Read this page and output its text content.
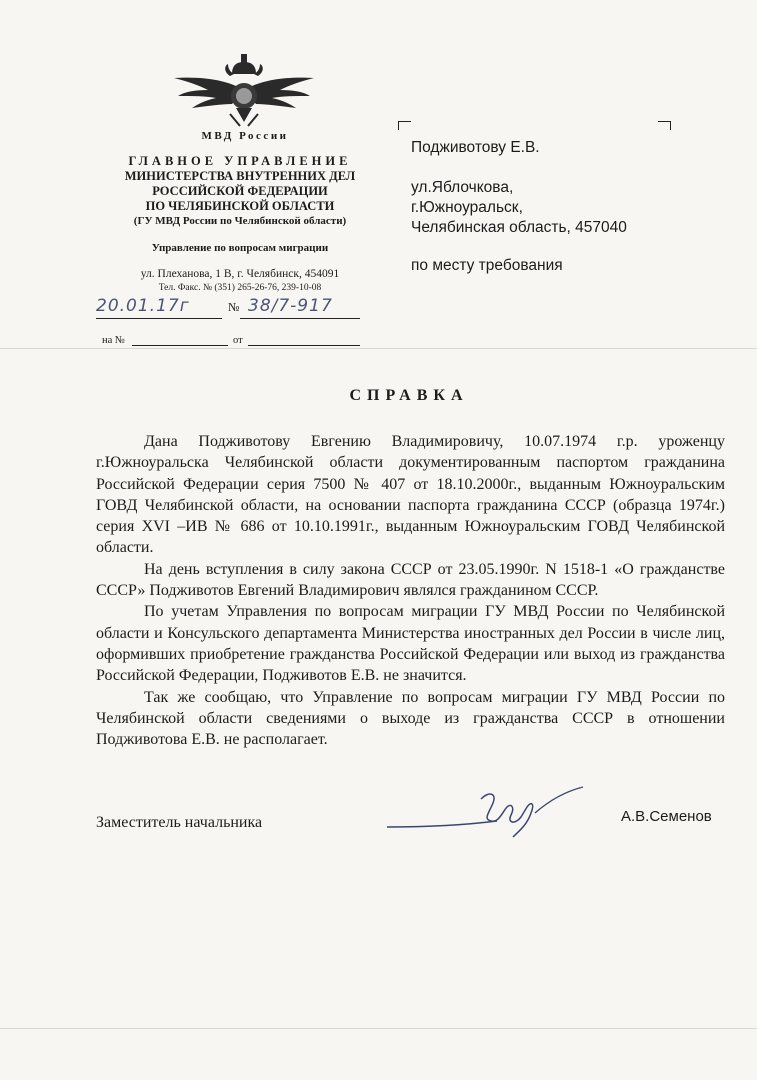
МВД России
ГЛАВНОЕ УПРАВЛЕНИЕ
МИНИСТЕРСТВА ВНУТРЕННИХ ДЕЛ
РОССИЙСКОЙ ФЕДЕРАЦИИ
ПО ЧЕЛЯБИНСКОЙ ОБЛАСТИ
(ГУ МВД России по Челябинской области)
Управление по вопросам миграции
ул. Плеханова, 1 В, г. Челябинск, 454091
Тел. Факс. № (351) 265-26-76, 239-10-08
20.01.17г	№ 38/7-917
на №	от
Подживотову Е.В.
ул.Яблочкова,
г.Южноуральск,
Челябинская область, 457040
по месту требования
СПРАВКА

Дана Подживотову Евгению Владимировичу, 10.07.1974 г.р. уроженцу г.Южноуральска Челябинской области документированным паспортом гражданина Российской Федерации серия 7500 № 407 от 18.10.2000г., выданным Южноуральским ГОВД Челябинской области, на основании паспорта гражданина СССР (образца 1974г.) серия XVI –ИВ № 686 от 10.10.1991г., выданным Южноуральским ГОВД Челябинской области.

На день вступления в силу закона СССР от 23.05.1990г. N 1518-1 «О гражданстве СССР» Подживотов Евгений Владимирович являлся гражданином СССР.

По учетам Управления по вопросам миграции ГУ МВД России по Челябинской области и Консульского департамента Министерства иностранных дел России в числе лиц, оформивших приобретение гражданства Российской Федерации или выход из гражданства Российской Федерации, Подживотов Е.В. не значится.

Так же сообщаю, что Управление по вопросам миграции ГУ МВД России по Челябинской области сведениями о выходе из гражданства СССР в отношении Подживотова Е.В. не располагает.

Заместитель начальника	А.В.Семенов
